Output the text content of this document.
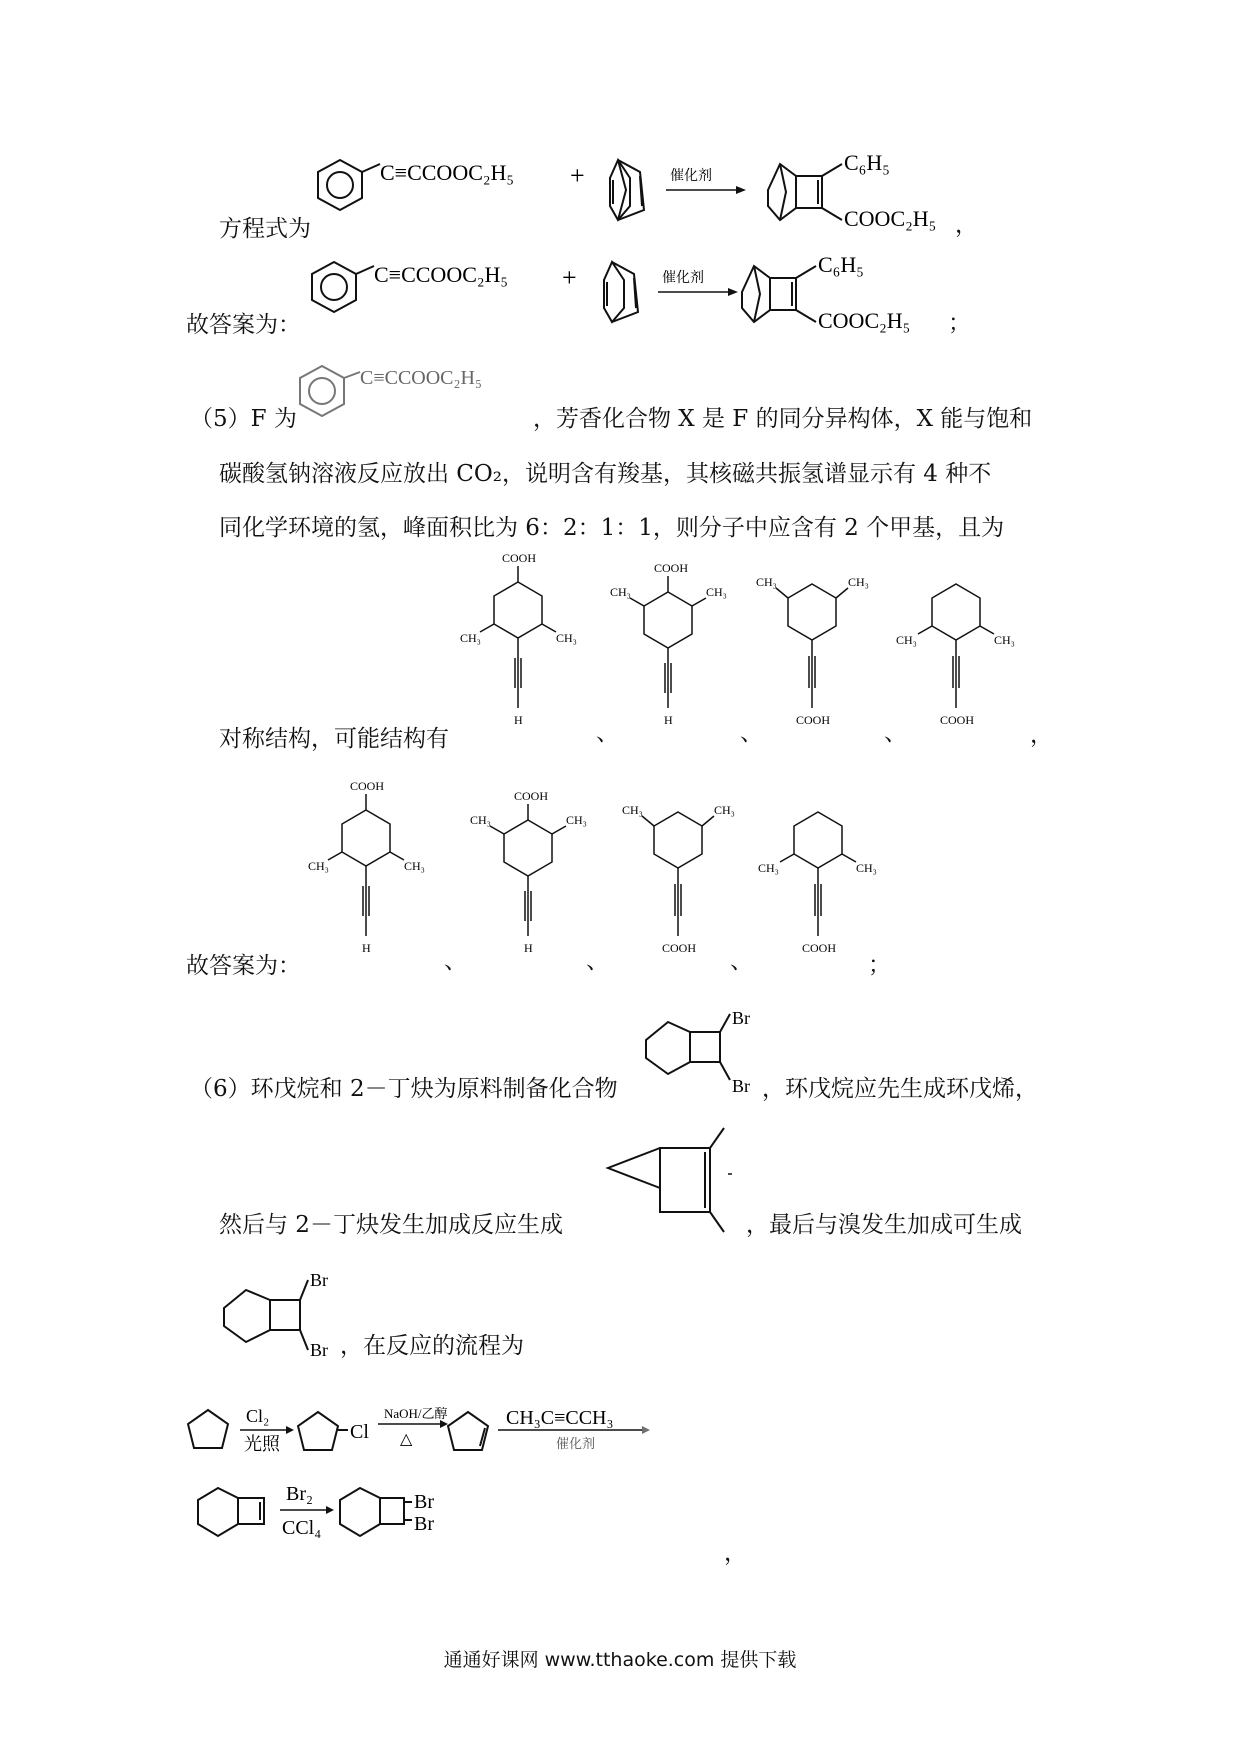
方程式为
C≡CCOOC₂H₅ +	催化剂
C₆H₅
COOC₂H₅ ，
故答案为：
C≡CCOOC₂H₅ +	催化剂
C₆H₅
COOC₂H₅ ；
（5）F 为
C≡CCOOC₂H₅
，芳香化合物 X 是 F 的同分异构体，X 能与饱和
碳酸氢钠溶液反应放出 CO₂，说明含有羧基，其核磁共振氢谱显示有 4 种不
同化学环境的氢，峰面积比为 6：2：1：1，则分子中应含有 2 个甲基，且为
COOH
CH₃	CH₃
H
COOH
CH₃	CH₃
H
CH₃	CH₃
COOH
CH₃	CH₃
COOH
对称结构，可能结构有	、	、	、	，
COOH
CH₃	CH₃
H
COOH
CH₃	CH₃
H
CH₃	CH₃
COOH
CH₃	CH₃
COOH
故答案为：	、	、	、	；
Br
Br
（6）环戊烷和 2－丁炔为原料制备化合物	，环戊烷应先生成环戊烯，
然后与 2－丁炔发生加成反应生成	，最后与溴发生加成可生成
Br
Br ，在反应的流程为
Cl₂
光照
Cl
NaOH/乙醇
△
CH₃C≡CCH₃
催化剂
Br₂
CCl₄
Br
Br
，
通通好课网 www.tthaoke.com 提供下载
